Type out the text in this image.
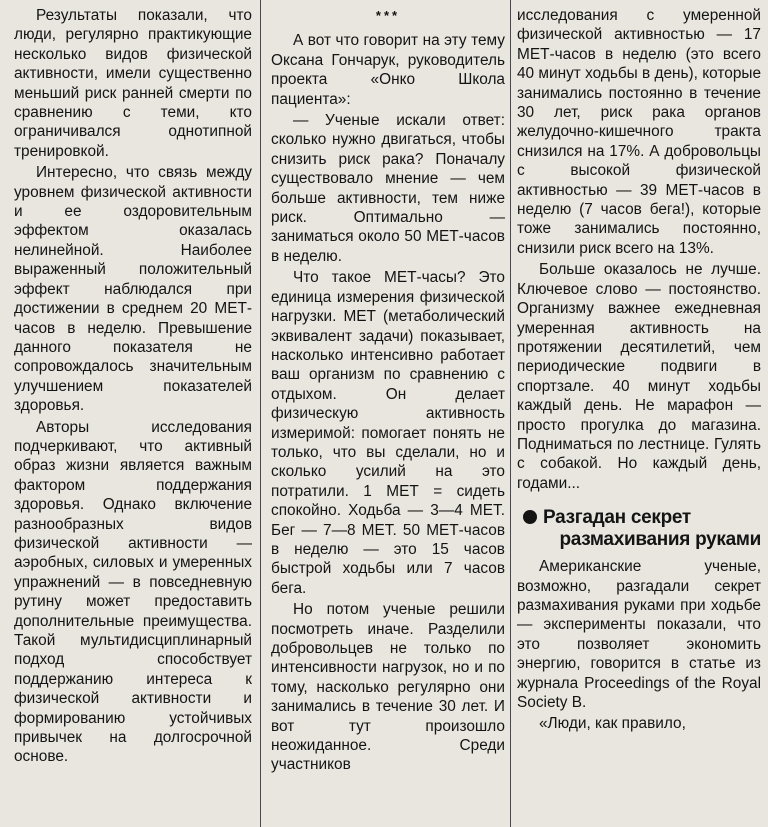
Результаты показали, что люди, регулярно практикующие несколько видов физической активности, имели существенно меньший риск ранней смерти по сравнению с теми, кто ограничивался однотипной тренировкой.

Интересно, что связь между уровнем физической активности и ее оздоровительным эффектом оказалась нелинейной. Наиболее выраженный положительный эффект наблюдался при достижении в среднем 20 МЕТ-часов в неделю. Превышение данного показателя не сопровождалось значительным улучшением показателей здоровья.

Авторы исследования подчеркивают, что активный образ жизни является важным фактором поддержания здоровья. Однако включение разнообразных видов физической активности — аэробных, силовых и умеренных упражнений — в повседневную рутину может предоставить дополнительные преимущества. Такой мультидисциплинарный подход способствует поддержанию интереса к физической активности и формированию устойчивых привычек на долгосрочной основе.

***

А вот что говорит на эту тему Оксана Гончарук, руководитель проекта «Онко Школа пациента»:

— Ученые искали ответ: сколько нужно двигаться, чтобы снизить риск рака? Поначалу существовало мнение — чем больше активности, тем ниже риск. Оптимально — заниматься около 50 МЕТ-часов в неделю.

Что такое МЕТ-часы? Это единица измерения физической нагрузки. МЕТ (метаболический эквивалент задачи) показывает, насколько интенсивно работает ваш организм по сравнению с отдыхом. Он делает физическую активность измеримой: помогает понять не только, что вы сделали, но и сколько усилий на это потратили. 1 МЕТ = сидеть спокойно. Ходьба — 3—4 МЕТ. Бег — 7—8 МЕТ. 50 МЕТ-часов в неделю — это 15 часов быстрой ходьбы или 7 часов бега.

Но потом ученые решили посмотреть иначе. Разделили добровольцев не только по интенсивности нагрузок, но и по тому, насколько регулярно они занимались в течение 30 лет. И вот тут произошло неожиданное. Среди участников

исследования с умеренной физической активностью — 17 МЕТ-часов в неделю (это всего 40 минут ходьбы в день), которые занимались постоянно в течение 30 лет, риск рака органов желудочно-кишечного тракта снизился на 17%. А добровольцы с высокой физической активностью — 39 МЕТ-часов в неделю (7 часов бега!), которые тоже занимались постоянно, снизили риск всего на 13%.

Больше оказалось не лучше. Ключевое слово — постоянство. Организму важнее ежедневная умеренная активность на протяжении десятилетий, чем периодические подвиги в спортзале. 40 минут ходьбы каждый день. Не марафон — просто прогулка до магазина. Подниматься по лестнице. Гулять с собакой. Но каждый день, годами...

Разгадан секрет
размахивания руками

Американские ученые, возможно, разгадали секрет размахивания руками при ходьбе — эксперименты показали, что это позволяет экономить энергию, говорится в статье из журнала Proceedings of the Royal Society B.

«Люди, как правило,
